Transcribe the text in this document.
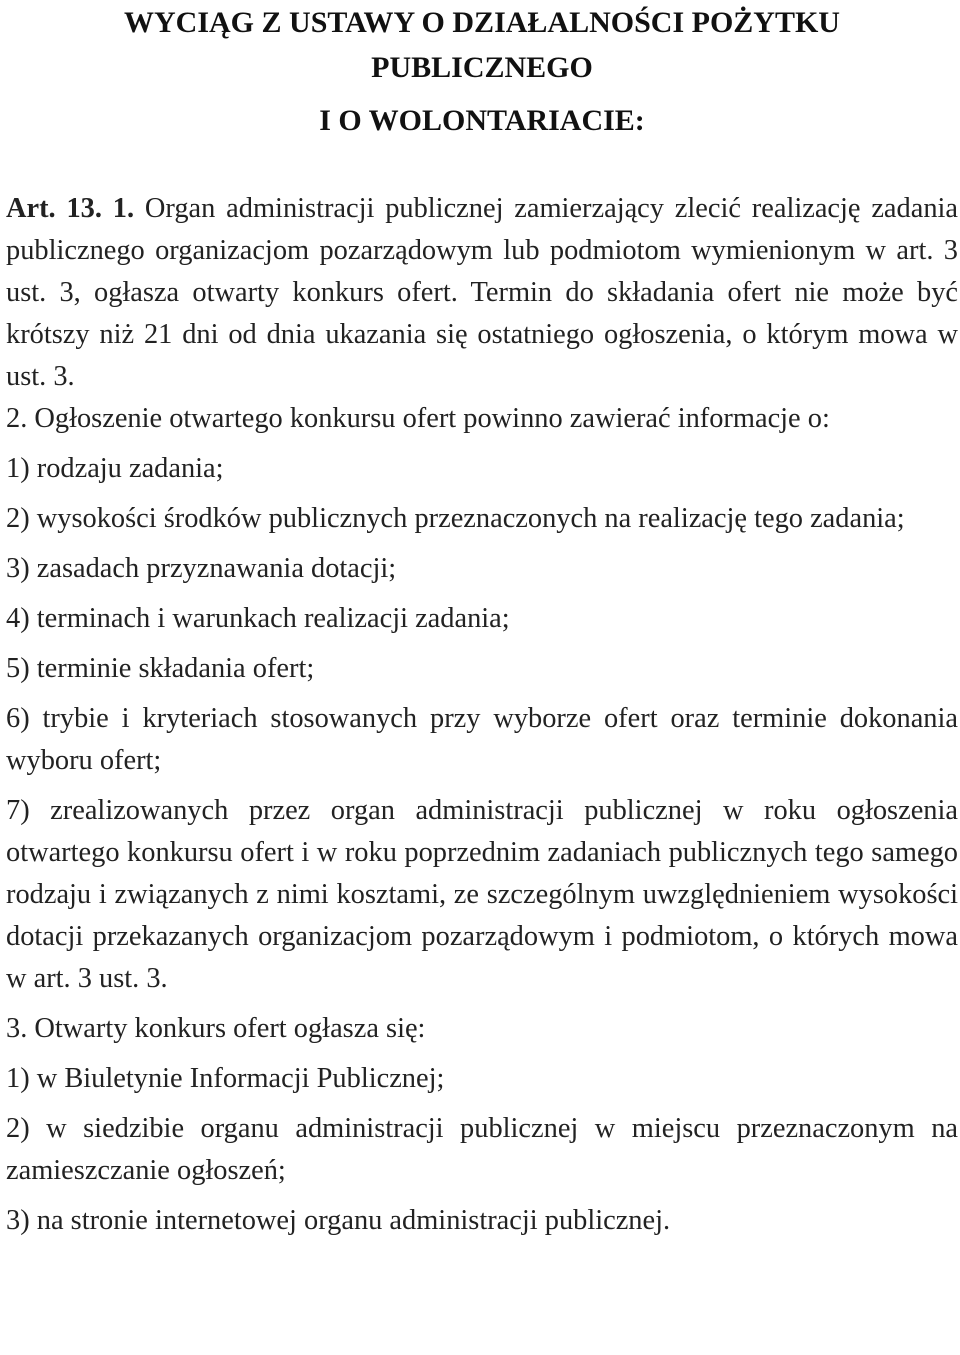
WYCIĄG Z USTAWY O DZIAŁALNOŚCI POŻYTKU
PUBLICZNEGO
I O WOLONTARIACIE:

Art. 13. 1. Organ administracji publicznej zamierzający zlecić realizację zadania publicznego organizacjom pozarządowym lub podmiotom wymienionym w art. 3 ust. 3, ogłasza otwarty konkurs ofert. Termin do składania ofert nie może być krótszy niż 21 dni od dnia ukazania się ostatniego ogłoszenia, o którym mowa w ust. 3.

2. Ogłoszenie otwartego konkursu ofert powinno zawierać informacje o:

1) rodzaju zadania;

2) wysokości środków publicznych przeznaczonych na realizację tego zadania;

3) zasadach przyznawania dotacji;

4) terminach i warunkach realizacji zadania;

5) terminie składania ofert;

6) trybie i kryteriach stosowanych przy wyborze ofert oraz terminie dokonania wyboru ofert;

7) zrealizowanych przez organ administracji publicznej w roku ogłoszenia otwartego konkursu ofert i w roku poprzednim zadaniach publicznych tego samego rodzaju i związanych z nimi kosztami, ze szczególnym uwzględnieniem wysokości dotacji przekazanych organizacjom pozarządowym i podmiotom, o których mowa w art. 3 ust. 3.

3. Otwarty konkurs ofert ogłasza się:

1) w Biuletynie Informacji Publicznej;

2) w siedzibie organu administracji publicznej w miejscu przeznaczonym na zamieszczanie ogłoszeń;

3) na stronie internetowej organu administracji publicznej.
